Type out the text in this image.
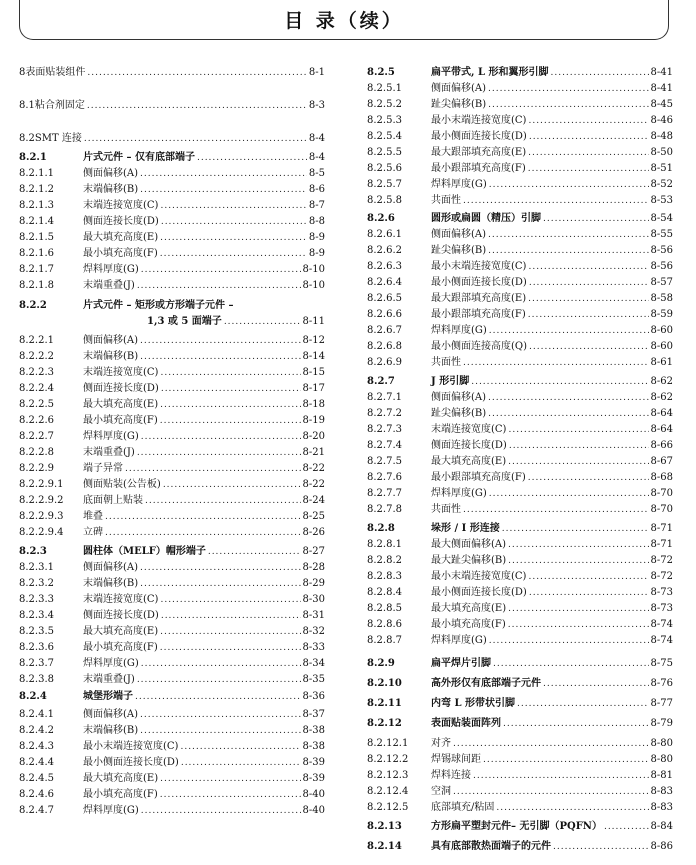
目 录（续）
8 表面贴装组件 .....	8-1
8.1 粘合剂固定 .....	8-3
8.2 SMT 连接 .....	8-4
8.2.1	片式元件 – 仅有底部端子 .....	8-4
8.2.1.1	侧面偏移(A) .....	8-5
8.2.1.2	末端偏移(B) .....	8-6
8.2.1.3	末端连接宽度(C) .....	8-7
8.2.1.4	侧面连接长度(D) .....	8-8
8.2.1.5	最大填充高度(E) .....	8-9
8.2.1.6	最小填充高度(F) .....	8-9
8.2.1.7	焊料厚度(G) .....	8-10
8.2.1.8	末端重叠(J) .....	8-10
8.2.2	片式元件 – 矩形或方形端子元件 –
1,3 或 5 面端子 .....	8-11
8.2.2.1	侧面偏移(A) .....	8-12
8.2.2.2	末端偏移(B) .....	8-14
8.2.2.3	末端连接宽度(C) .....	8-15
8.2.2.4	侧面连接长度(D) .....	8-17
8.2.2.5	最大填充高度(E) .....	8-18
8.2.2.6	最小填充高度(F) .....	8-19
8.2.2.7	焊料厚度(G) .....	8-20
8.2.2.8	末端重叠(J) .....	8-21
8.2.2.9	端子异常 .....	8-22
8.2.2.9.1	侧面贴装(公告板) .....	8-22
8.2.2.9.2	底面朝上贴装 .....	8-24
8.2.2.9.3	堆叠 .....	8-25
8.2.2.9.4	立碑 .....	8-26
8.2.3	圆柱体（MELF）帽形端子 .....	8-27
8.2.3.1	侧面偏移(A) .....	8-28
8.2.3.2	末端偏移(B) .....	8-29
8.2.3.3	末端连接宽度(C) .....	8-30
8.2.3.4	侧面连接长度(D) .....	8-31
8.2.3.5	最大填充高度(E) .....	8-32
8.2.3.6	最小填充高度(F) .....	8-33
8.2.3.7	焊料厚度(G) .....	8-34
8.2.3.8	末端重叠(J) .....	8-35
8.2.4	城堡形端子 .....	8-36
8.2.4.1	侧面偏移(A) .....	8-37
8.2.4.2	末端偏移(B) .....	8-38
8.2.4.3	最小末端连接宽度(C) .....	8-38
8.2.4.4	最小侧面连接长度(D) .....	8-39
8.2.4.5	最大填充高度(E) .....	8-39
8.2.4.6	最小填充高度(F) .....	8-40
8.2.4.7	焊料厚度(G) .....	8-40
8.2.5	扁平带式, L 形和翼形引脚 .....	8-41
8.2.5.1	侧面偏移(A) .....	8-41
8.2.5.2	趾尖偏移(B) .....	8-45
8.2.5.3	最小末端连接宽度(C) .....	8-46
8.2.5.4	最小侧面连接长度(D) .....	8-48
8.2.5.5	最大跟部填充高度(E) .....	8-50
8.2.5.6	最小跟部填充高度(F) .....	8-51
8.2.5.7	焊料厚度(G) .....	8-52
8.2.5.8	共面性 .....	8-53
8.2.6	圆形或扁圆（精压）引脚 .....	8-54
8.2.6.1	侧面偏移(A) .....	8-55
8.2.6.2	趾尖偏移(B) .....	8-56
8.2.6.3	最小末端连接宽度(C) .....	8-56
8.2.6.4	最小侧面连接长度(D) .....	8-57
8.2.6.5	最大跟部填充高度(E) .....	8-58
8.2.6.6	最小跟部填充高度(F) .....	8-59
8.2.6.7	焊料厚度(G) .....	8-60
8.2.6.8	最小侧面连接高度(Q) .....	8-60
8.2.6.9	共面性 .....	8-61
8.2.7	J 形引脚 .....	8-62
8.2.7.1	侧面偏移(A) .....	8-62
8.2.7.2	趾尖偏移(B) .....	8-64
8.2.7.3	末端连接宽度(C) .....	8-64
8.2.7.4	侧面连接长度(D) .....	8-66
8.2.7.5	最大填充高度(E) .....	8-67
8.2.7.6	最小跟部填充高度(F) .....	8-68
8.2.7.7	焊料厚度(G) .....	8-70
8.2.7.8	共面性 .....	8-70
8.2.8	垛形 / I 形连接 .....	8-71
8.2.8.1	最大侧面偏移(A) .....	8-71
8.2.8.2	最大趾尖偏移(B) .....	8-72
8.2.8.3	最小末端连接宽度(C) .....	8-72
8.2.8.4	最小侧面连接长度(D) .....	8-73
8.2.8.5	最大填充高度(E) .....	8-73
8.2.8.6	最小填充高度(F) .....	8-74
8.2.8.7	焊料厚度(G) .....	8-74
8.2.9	扁平焊片引脚 .....	8-75
8.2.10	高外形仅有底部端子元件 .....	8-76
8.2.11	内弯 L 形带状引脚 .....	8-77
8.2.12	表面贴装面阵列 .....	8-79
8.2.12.1	对齐 .....	8-80
8.2.12.2	焊锡球间距 .....	8-80
8.2.12.3	焊料连接 .....	8-81
8.2.12.4	空洞 .....	8-83
8.2.12.5	底部填充/粘固 .....	8-83
8.2.13	方形扁平塑封元件– 无引脚（PQFN） .....	8-84
8.2.14	具有底部散热面端子的元件 .....	8-86
